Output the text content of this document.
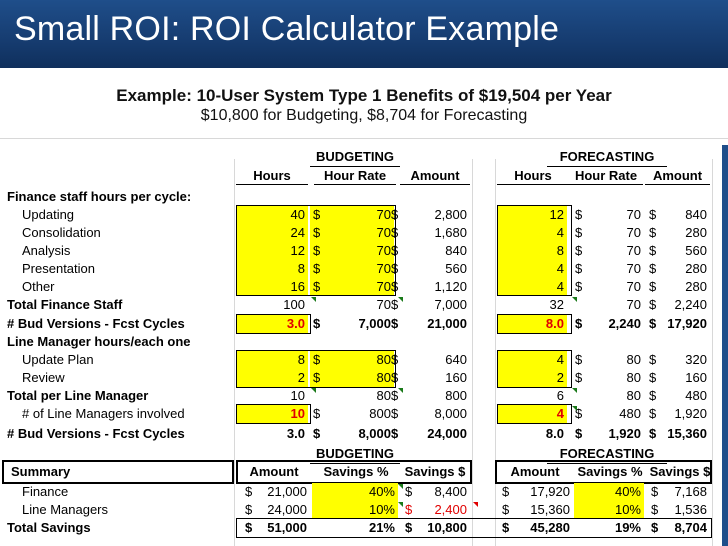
Small ROI: ROI Calculator Example
Example: 10-User System Type 1 Benefits of $19,504 per Year
$10,800 for Budgeting, $8,704 for Forecasting
BUDGETING	FORECASTING
Hours	Hour Rate	Amount	Hours	Hour Rate	Amount
Finance staff hours per cycle:
Updating	40 $	70 $	2,800	12 $	70 $	840
Consolidation	24 $	70 $	1,680	4 $	70 $	280
Analysis	12 $	70 $	840	8 $	70 $	560
Presentation	8 $	70 $	560	4 $	70 $	280
Other	16 $	70 $	1,120	4 $	70 $	280
Total Finance Staff	100	70 $	7,000	32	70 $	2,240
# Bud Versions - Fcst Cycles	3.0 $	7,000 $	21,000	8.0 $	2,240 $ 17,920
Line Manager hours/each one
Update Plan	8 $	80 $	640	4 $	80 $	320
Review	2 $	80 $	160	2 $	80 $	160
Total per Line Manager	10	80 $	800	6	80 $	480
# of Line Managers involved	10 $	800 $	8,000	4 $	480 $	1,920
# Bud Versions - Fcst Cycles	3.0 $	8,000 $	24,000	8.0 $	1,920 $ 15,360
BUDGETING	FORECASTING
Summary	Amount	Savings %	Savings $	Amount	Savings % Savings $
Finance	$	21,000	40% $	8,400	$	17,920	40% $	7,168
Line Managers	$	24,000	10% $	2,400	$	15,360	10% $	1,536
Total Savings	$	51,000	21% $	10,800	$	45,280	19% $	8,704
